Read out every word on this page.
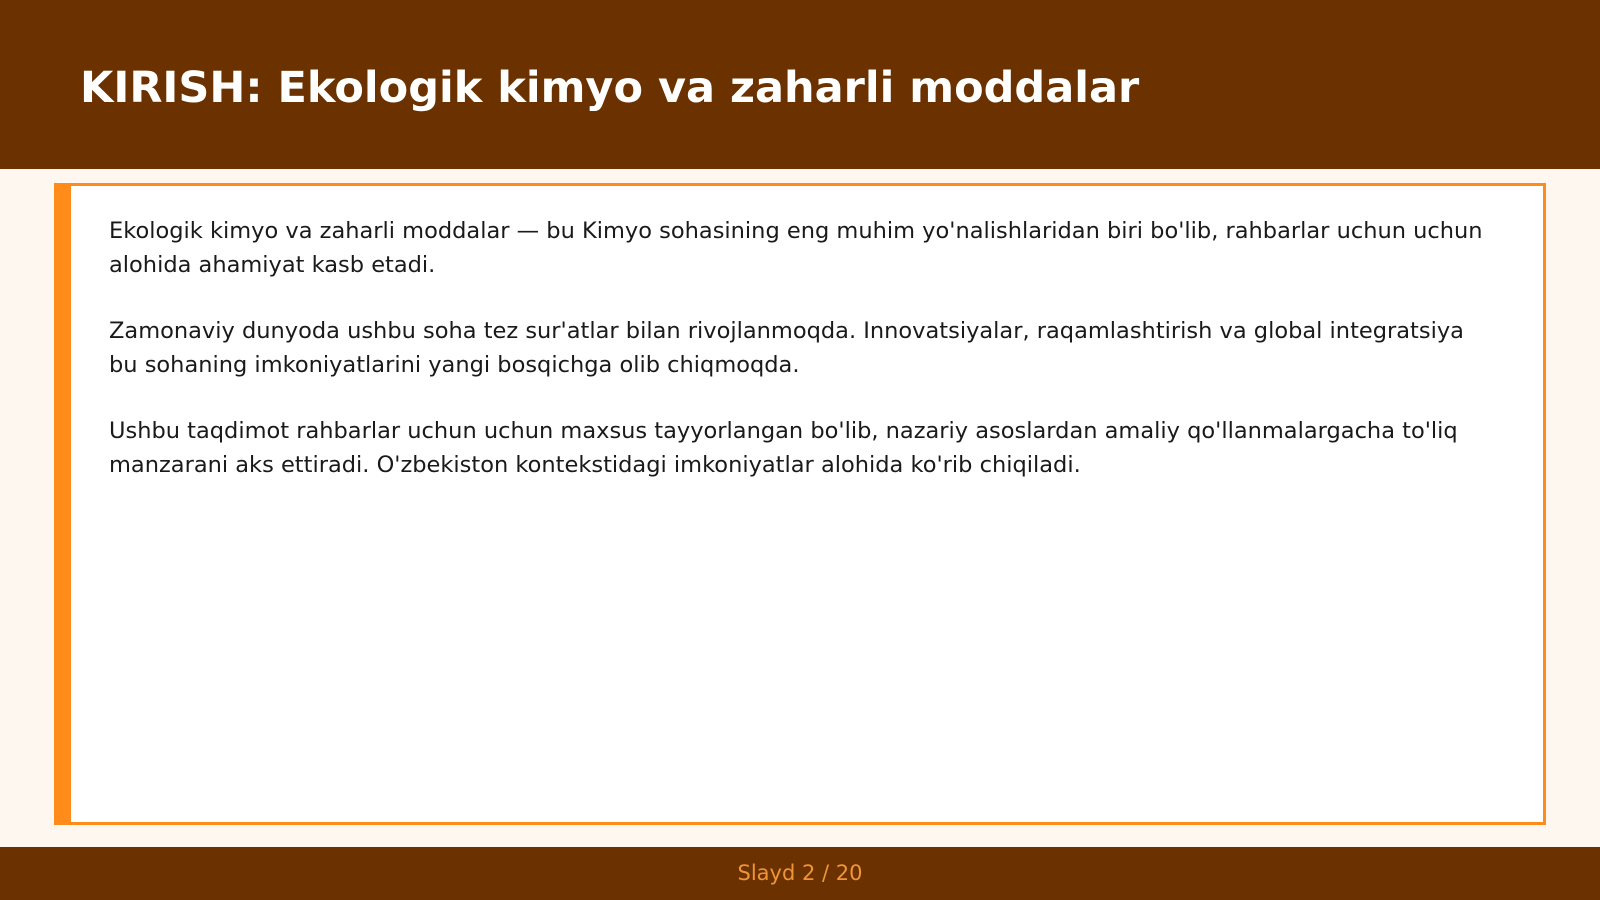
KIRISH: Ekologik kimyo va zaharli moddalar

Ekologik kimyo va zaharli moddalar — bu Kimyo sohasining eng muhim yo'nalishlaridan biri bo'lib, rahbarlar uchun uchun alohida ahamiyat kasb etadi.

Zamonaviy dunyoda ushbu soha tez sur'atlar bilan rivojlanmoqda. Innovatsiyalar, raqamlashtirish va global integratsiya bu sohaning imkoniyatlarini yangi bosqichga olib chiqmoqda.

Ushbu taqdimot rahbarlar uchun uchun maxsus tayyorlangan bo'lib, nazariy asoslardan amaliy qo'llanmalargacha to'liq manzarani aks ettiradi. O'zbekiston kontekstidagi imkoniyatlar alohida ko'rib chiqiladi.

Slayd 2 / 20
